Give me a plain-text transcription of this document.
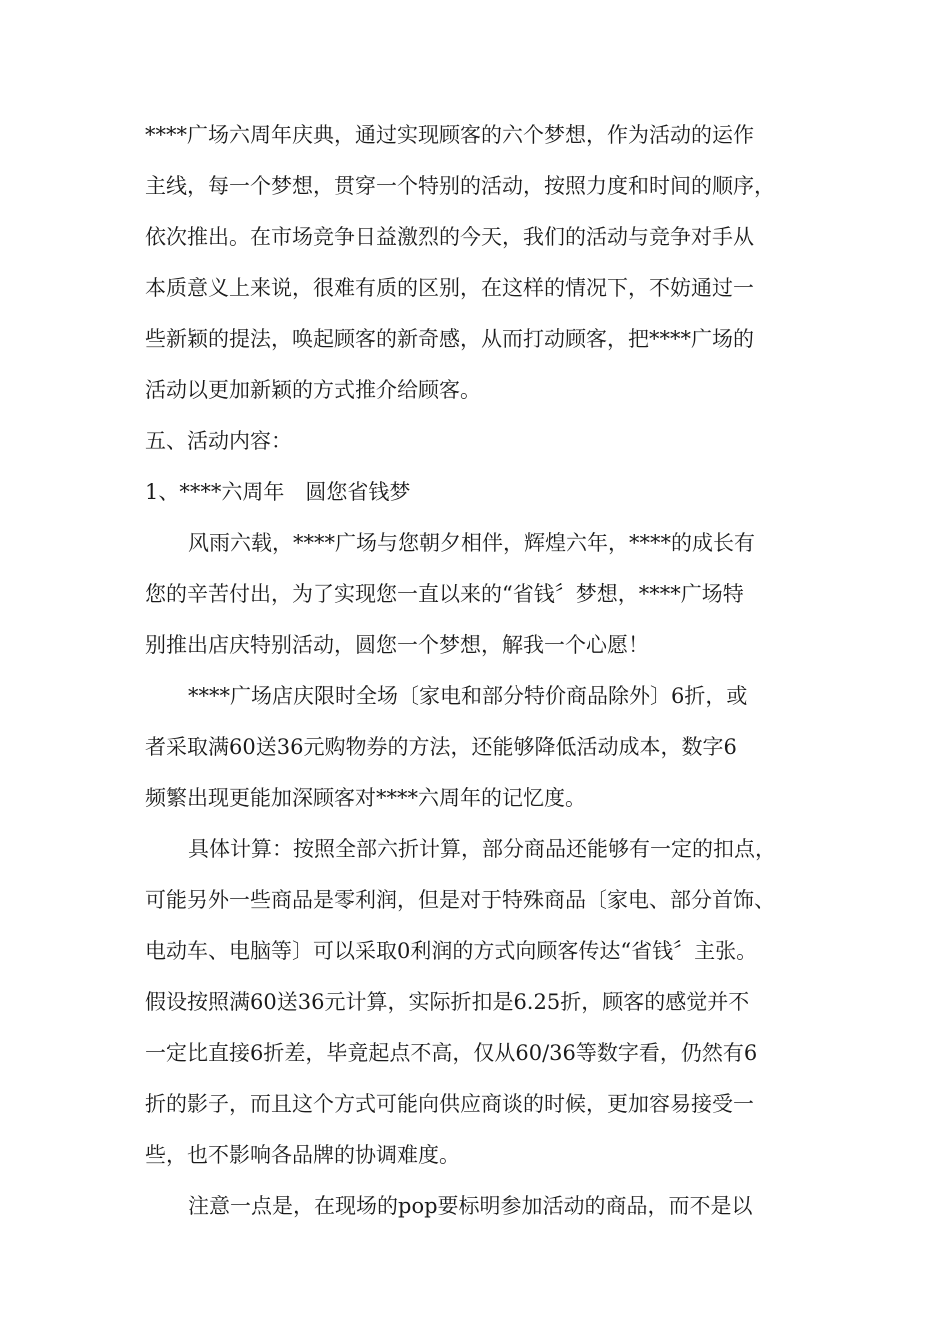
****广场六周年庆典，通过实现顾客的六个梦想，作为活动的运作
主线，每一个梦想，贯穿一个特别的活动，按照力度和时间的顺序，
依次推出。在市场竞争日益激烈的今天，我们的活动与竞争对手从
本质意义上来说，很难有质的区别，在这样的情况下，不妨通过一
些新颖的提法，唤起顾客的新奇感，从而打动顾客，把****广场的
活动以更加新颖的方式推介给顾客。
五、活动内容：
1、****六周年　圆您省钱梦
风雨六载，****广场与您朝夕相伴，辉煌六年，****的成长有
您的辛苦付出，为了实现您一直以来的“省钱〞梦想，****广场特
别推出店庆特别活动，圆您一个梦想，解我一个心愿！
****广场店庆限时全场〔家电和部分特价商品除外〕6折，或
者采取满60送36元购物券的方法，还能够降低活动成本，数字6
频繁出现更能加深顾客对****六周年的记忆度。
具体计算：按照全部六折计算，部分商品还能够有一定的扣点，
可能另外一些商品是零利润，但是对于特殊商品〔家电、部分首饰、
电动车、电脑等〕可以采取0利润的方式向顾客传达“省钱〞主张。
假设按照满60送36元计算，实际折扣是6.25折，顾客的感觉并不
一定比直接6折差，毕竟起点不高，仅从60/36等数字看，仍然有6
折的影子，而且这个方式可能向供应商谈的时候，更加容易接受一
些，也不影响各品牌的协调难度。
注意一点是，在现场的pop要标明参加活动的商品，而不是以
